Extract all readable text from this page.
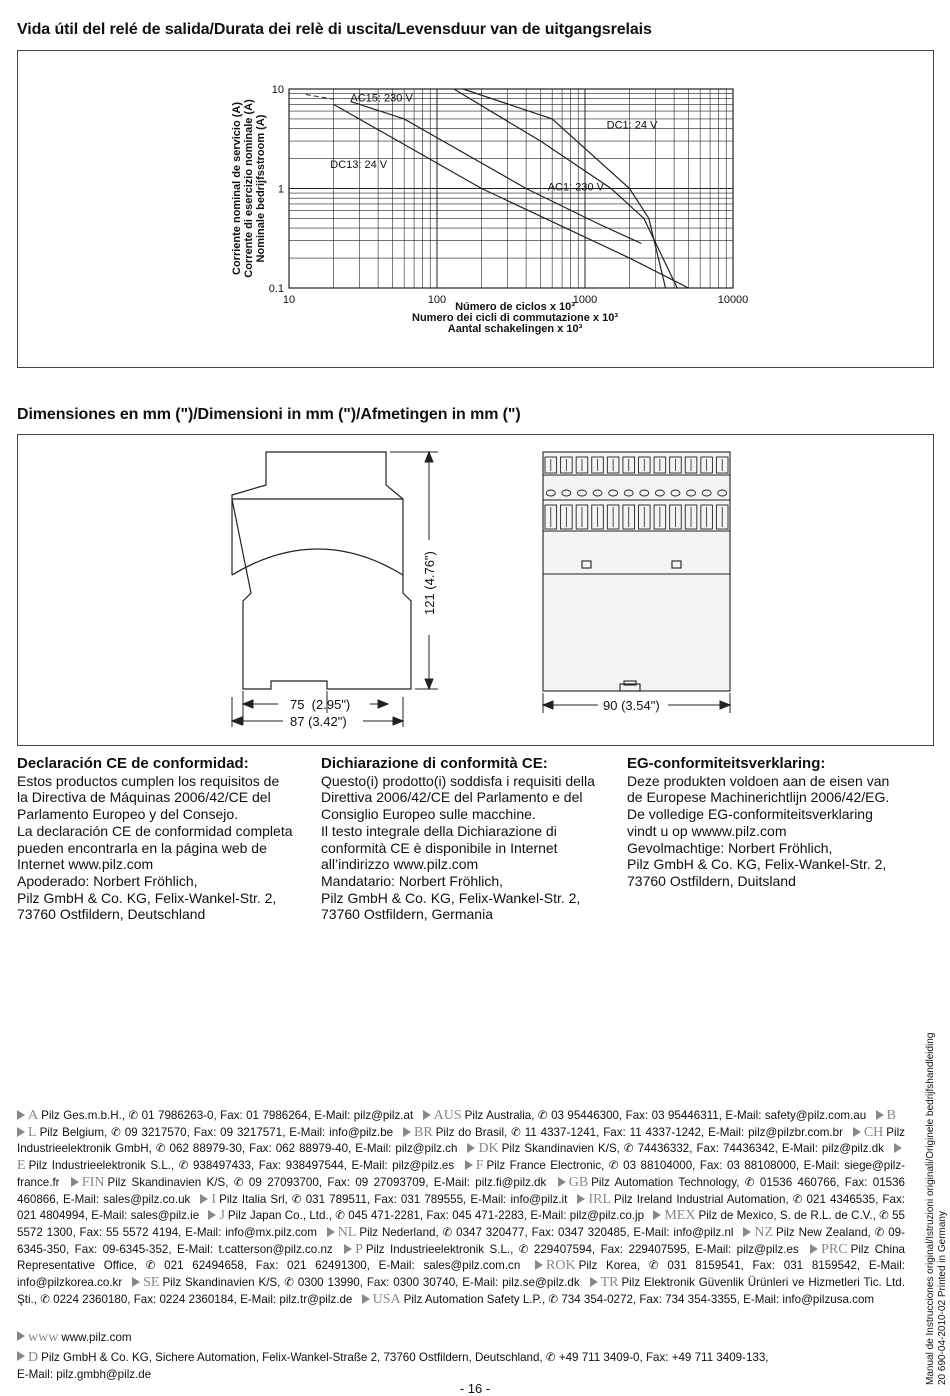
Vida útil del relé de salida/Durata dei relè di uscita/Levensduur van de uitgangsrelais
AC15: 230 V
DC1: 24 V
DC13: 24 V
AC1: 230 V
10
1
0.1
10	100	1000	10000
Número de ciclos x 10³
Numero dei cicli di commutazione x 10³
Aantal schakelingen x 10³
Corriente nominal de servicio (A) Corrente di esercizio nominale (A) Nominale bedrijfsstroom (A)
Dimensiones en mm (")/Dimensioni in mm (")/Afmetingen in mm (")
121 (4.76")
75  (2.95")
87 (3.42")
90 (3.54")
Declaración CE de conformidad:
Estos productos cumplen los requisitos de
la Directiva de Máquinas 2006/42/CE del
Parlamento Europeo y del Consejo.
La declaración CE de conformidad completa
pueden encontrarla en la página web de
Internet www.pilz.com
Apoderado: Norbert Fröhlich,
Pilz GmbH & Co. KG, Felix-Wankel-Str. 2,
73760 Ostfildern, Deutschland
Dichiarazione di conformità CE:
Questo(i) prodotto(i) soddisfa i requisiti della
Direttiva 2006/42/CE del Parlamento e del
Consiglio Europeo sulle macchine.
Il testo integrale della Dichiarazione di
conformità CE è disponibile in Internet
all’indirizzo www.pilz.com
Mandatario: Norbert Fröhlich,
Pilz GmbH & Co. KG, Felix-Wankel-Str. 2,
73760 Ostfildern, Germania
EG-conformiteitsverklaring:
Deze produkten voldoen aan de eisen van
de Europese Machinerichtlijn 2006/42/EG.
De volledige EG-conformiteitsverklaring
vindt u op wwww.pilz.com
Gevolmachtige: Norbert Fröhlich,
Pilz GmbH & Co. KG, Felix-Wankel-Str. 2,
73760 Ostfildern, Duitsland
A Pilz Ges.m.b.H., ✆ 01 7986263-0, Fax: 01 7986264, E-Mail: pilz@pilz.at AUS Pilz Australia, ✆ 03 95446300, Fax: 03 95446311, E-Mail: safety@pilz.com.au B L Pilz Belgium, ✆ 09 3217570, Fax: 09 3217571, E-Mail: info@pilz.be BR Pilz do Brasil, ✆ 11 4337-1241, Fax: 11 4337-1242, E-Mail: pilz@pilzbr.com.br CH Pilz Industrieelektronik GmbH, ✆ 062 88979-30, Fax: 062 88979-40, E-Mail: pilz@pilz.ch DK Pilz Skandinavien K/S, ✆ 74436332, Fax: 74436342, E-Mail: pilz@pilz.dk E Pilz Industrieelektronik S.L., ✆ 938497433, Fax: 938497544, E-Mail: pilz@pilz.es F Pilz France Electronic, ✆ 03 88104000, Fax: 03 88108000, E-Mail: siege@pilz-france.fr FIN Pilz Skandinavien K/S, ✆ 09 27093700, Fax: 09 27093709, E-Mail: pilz.fi@pilz.dk GB Pilz Automation Technology, ✆ 01536 460766, Fax: 01536 460866, E-Mail: sales@pilz.co.uk I Pilz Italia Srl, ✆ 031 789511, Fax: 031 789555, E-Mail: info@pilz.it IRL Pilz Ireland Industrial Automation, ✆ 021 4346535, Fax: 021 4804994, E-Mail: sales@pilz.ie J Pilz Japan Co., Ltd., ✆ 045 471-2281, Fax: 045 471-2283, E-Mail: pilz@pilz.co.jp MEX Pilz de Mexico, S. de R.L. de C.V., ✆ 55 5572 1300, Fax: 55 5572 4194, E-Mail: info@mx.pilz.com NL Pilz Nederland, ✆ 0347 320477, Fax: 0347 320485, E-Mail: info@pilz.nl NZ Pilz New Zealand, ✆ 09- 6345-350, Fax: 09-6345-352, E-Mail: t.catterson@pilz.co.nz P Pilz Industrieelektronik S.L., ✆ 229407594, Fax: 229407595, E-Mail: pilz@pilz.es PRC Pilz China Representative Office, ✆ 021 62494658, Fax: 021 62491300, E-Mail: sales@pilz.com.cn ROK Pilz Korea, ✆ 031 8159541, Fax: 031 8159542, E-Mail: info@pilzkorea.co.kr SE Pilz Skandinavien K/S, ✆ 0300 13990, Fax: 0300 30740, E-Mail: pilz.se@pilz.dk TR Pilz Elektronik Güvenlik Ürünleri ve Hizmetleri Tic. Ltd. Şti., ✆ 0224 2360180, Fax: 0224 2360184, E-Mail: pilz.tr@pilz.de USA Pilz Automation Safety L.P., ✆ 734 354-0272, Fax: 734 354-3355, E-Mail: info@pilzusa.com
www www.pilz.com
D Pilz GmbH & Co. KG, Sichere Automation, Felix-Wankel-Straße 2, 73760 Ostfildern, Deutschland, ✆ +49 711 3409-0, Fax: +49 711 3409-133,
E-Mail: pilz.gmbh@pilz.de
- 16 -
Manual de Instrucciones original/Istruzioni originali/Originele bedrijfshandleiding 20 690-04-2010-02 Printed in Germany
